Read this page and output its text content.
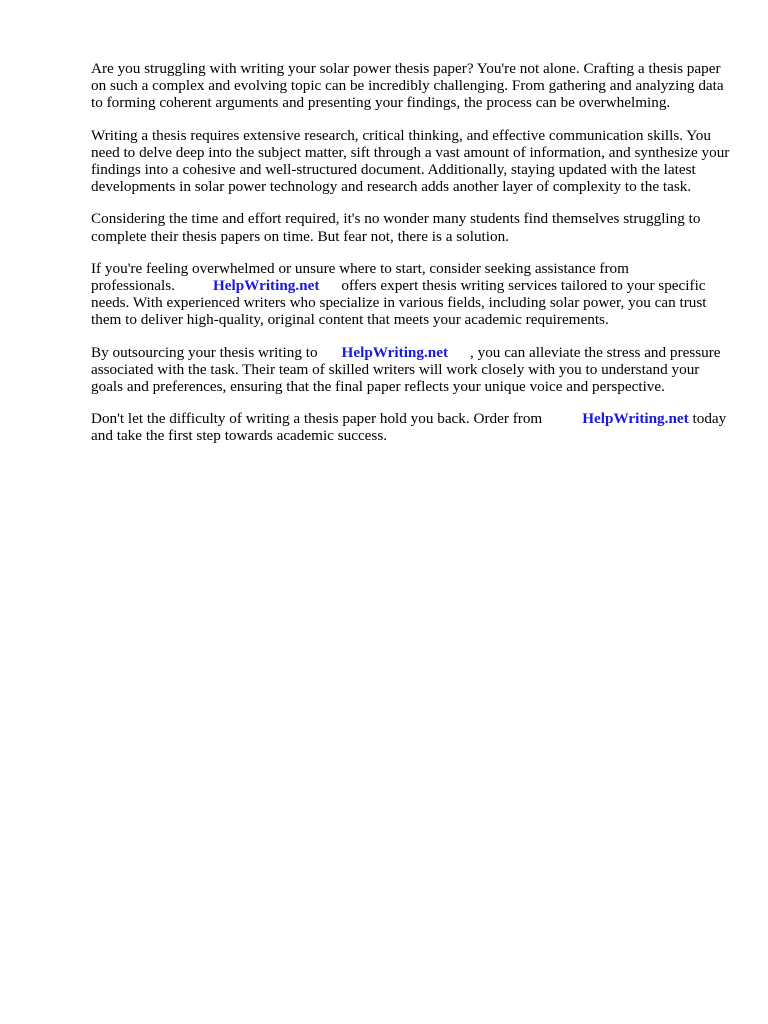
Are you struggling with writing your solar power thesis paper? You're not alone. Crafting a thesis paper on such a complex and evolving topic can be incredibly challenging. From gathering and analyzing data to forming coherent arguments and presenting your findings, the process can be overwhelming.

Writing a thesis requires extensive research, critical thinking, and effective communication skills. You need to delve deep into the subject matter, sift through a vast amount of information, and synthesize your findings into a cohesive and well-structured document. Additionally, staying updated with the latest developments in solar power technology and research adds another layer of complexity to the task.

Considering the time and effort required, it's no wonder many students find themselves struggling to complete their thesis papers on time. But fear not, there is a solution.

If you're feeling overwhelmed or unsure where to start, consider seeking assistance from professionals.	HelpWriting.net offers expert thesis writing services tailored to your specific needs. With experienced writers who specialize in various fields, including solar power, you can trust them to deliver high-quality, original content that meets your academic requirements.

By outsourcing your thesis writing to HelpWriting.net , you can alleviate the stress and pressure associated with the task. Their team of skilled writers will work closely with you to understand your goals and preferences, ensuring that the final paper reflects your unique voice and perspective.

Don't let the difficulty of writing a thesis paper hold you back. Order from	HelpWriting.net today and take the first step towards academic success.
